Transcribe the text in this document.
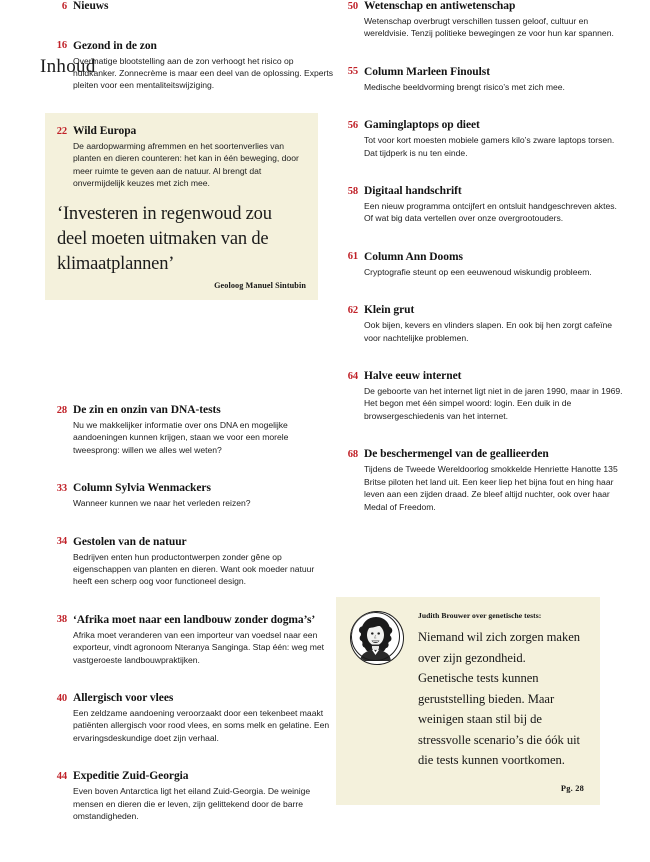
Inhoud
6 Nieuws
16 Gezond in de zon
Overmatige blootstelling aan de zon verhoogt het risico op huidkanker. Zonnecrème is maar een deel van de oplossing. Experts pleiten voor een mentaliteitswijziging.
22 Wild Europa
De aardopwarming afremmen en het soortenverlies van planten en dieren counteren: het kan in één beweging, door meer ruimte te geven aan de natuur. Al brengt dat onvermijdelijk keuzes met zich mee.
‘Investeren in regenwoud zou deel moeten uitmaken van de klimaatplannen’
Geoloog Manuel Sintubin
28 De zin en onzin van DNA-tests
Nu we makkelijker informatie over ons DNA en mogelijke aandoeningen kunnen krijgen, staan we voor een morele tweesprong: willen we alles wel weten?
33 Column Sylvia Wenmackers
Wanneer kunnen we naar het verleden reizen?
34 Gestolen van de natuur
Bedrijven enten hun productontwerpen zonder gêne op eigenschappen van planten en dieren. Want ook moeder natuur heeft een scherp oog voor functioneel design.
38 ‘Afrika moet naar een landbouw zonder dogma’s’
Afrika moet veranderen van een importeur van voedsel naar een exporteur, vindt agronoom Nteranya Sanginga. Stap één: weg met vastgeroeste landbouwpraktijken.
40 Allergisch voor vlees
Een zeldzame aandoening veroorzaakt door een tekenbeet maakt patiënten allergisch voor rood vlees, en soms melk en gelatine. Een ervaringsdeskundige doet zijn verhaal.
44 Expeditie Zuid-Georgia
Even boven Antarctica ligt het eiland Zuid-Georgia. De weinige mensen en dieren die er leven, zijn gelittekend door de barre omstandigheden.
50 Wetenschap en antiwetenschap
Wetenschap overbrugt verschillen tussen geloof, cultuur en wereldvisie. Tenzij politieke bewegingen ze voor hun kar spannen.
55 Column Marleen Finoulst
Medische beeldvorming brengt risico’s met zich mee.
56 Gaminglaptops op dieet
Tot voor kort moesten mobiele gamers kilo’s zware laptops torsen. Dat tijdperk is nu ten einde.
58 Digitaal handschrift
Een nieuw programma ontcijfert en ontsluit handgeschreven aktes. Of wat big data vertellen over onze overgrootouders.
61 Column Ann Dooms
Cryptografie steunt op een eeuwenoud wiskundig probleem.
62 Klein grut
Ook bijen, kevers en vlinders slapen. En ook bij hen zorgt cafeïne voor nachtelijke problemen.
64 Halve eeuw internet
De geboorte van het internet ligt niet in de jaren 1990, maar in 1969. Het begon met één simpel woord: login. Een duik in de browsergeschiedenis van het internet.
68 De beschermengel van de geallieerden
Tijdens de Tweede Wereldoorlog smokkelde Henriette Hanotte 135 Britse piloten het land uit. Een keer liep het bijna fout en hing haar leven aan een zijden draad. Ze bleef altijd nuchter, ook over haar Medal of Freedom.
Judith Brouwer over genetische tests:
Niemand wil zich zorgen maken over zijn gezondheid. Genetische tests kunnen geruststelling bieden. Maar weinigen staan stil bij de stressvolle scenario’s die óók uit die tests kunnen voortkomen.
Pg. 28
